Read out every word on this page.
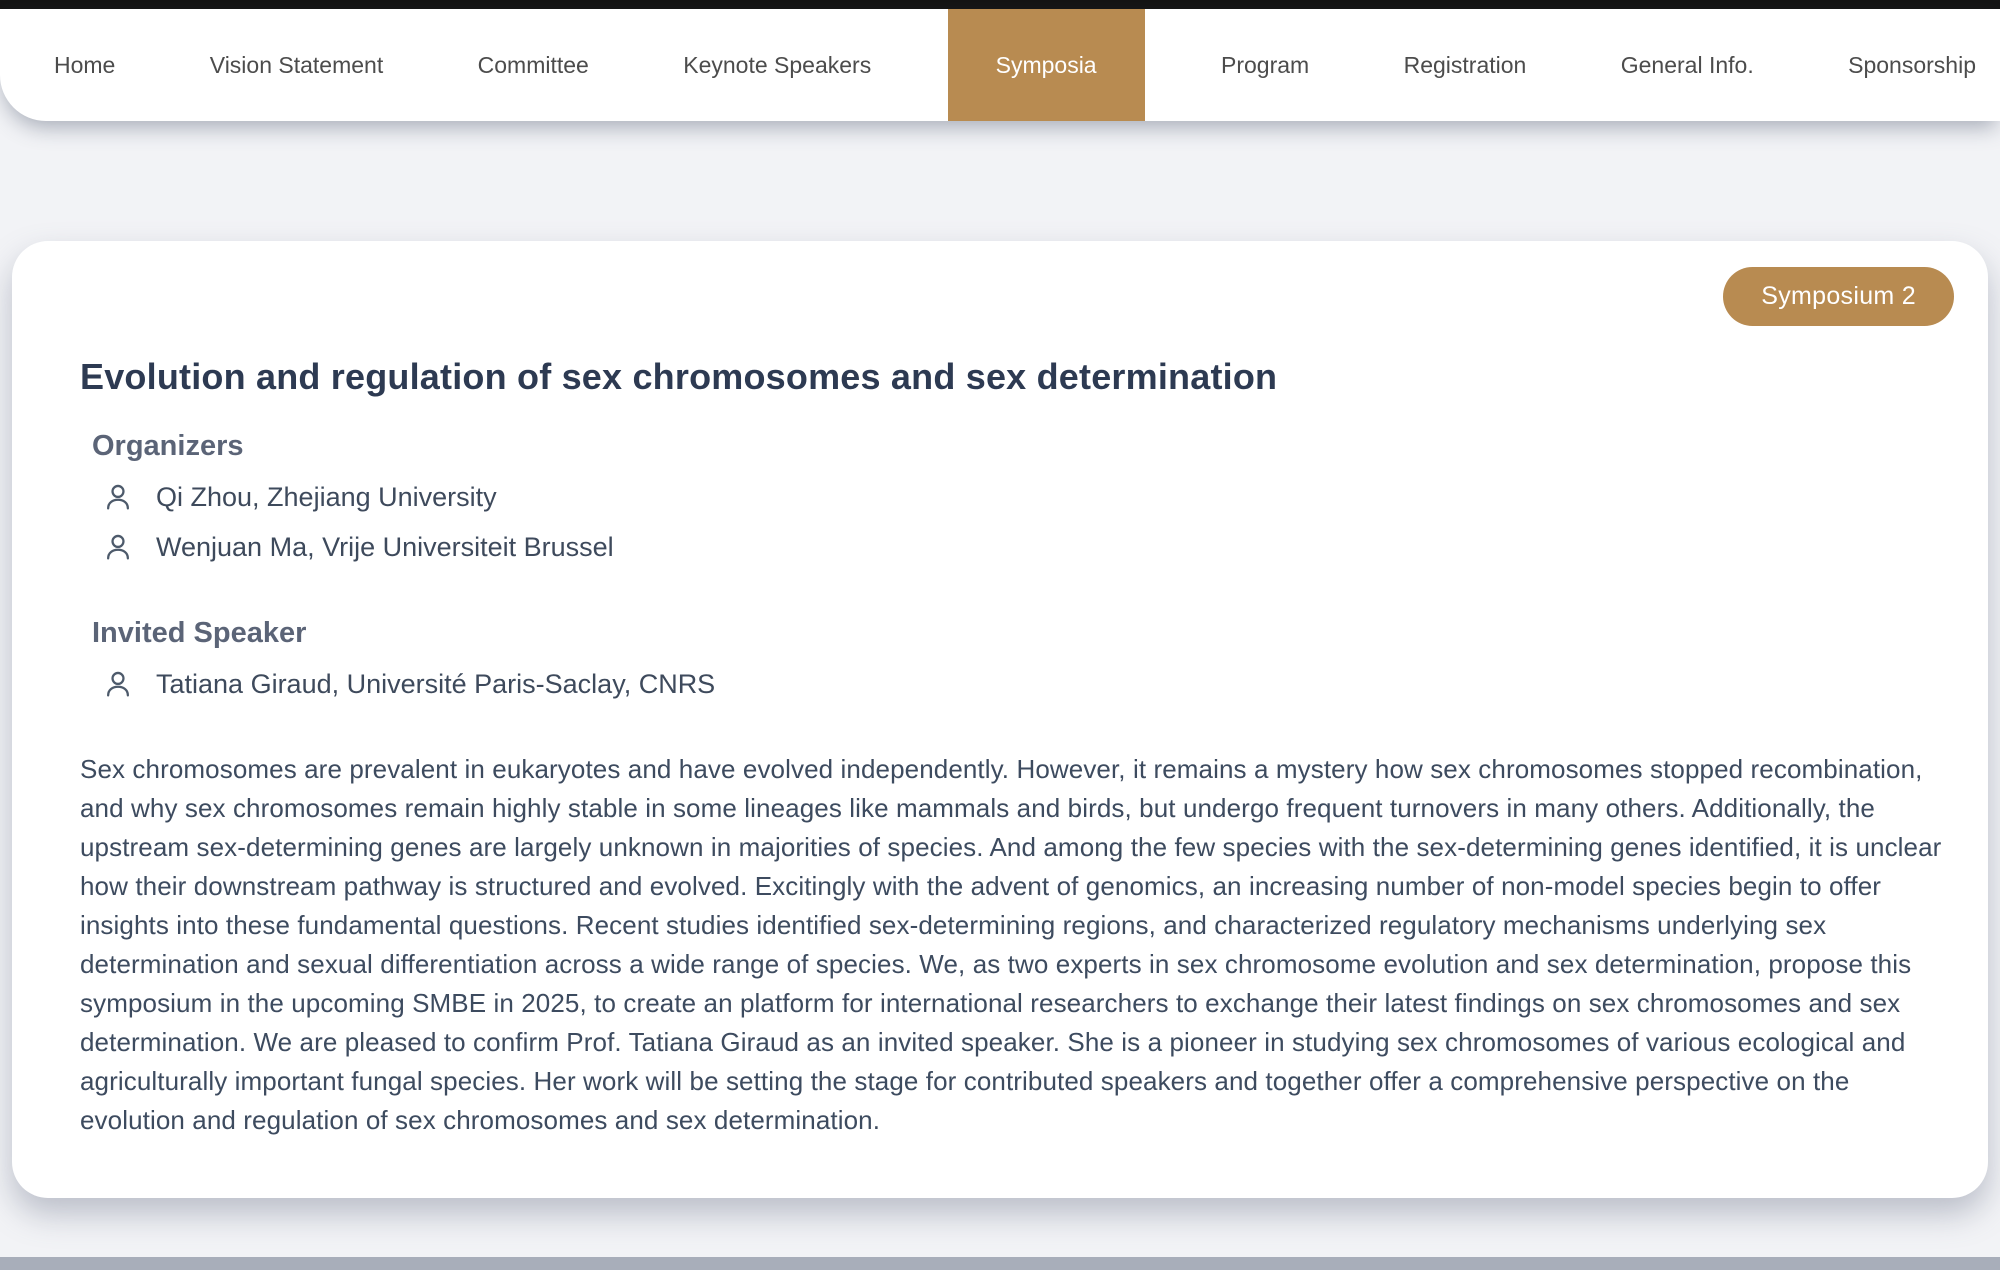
Home	Vision Statement	Committee	Keynote Speakers	Symposia	Program	Registration	General Info.	Sponsorship
Symposium 2
Evolution and regulation of sex chromosomes and sex determination
Organizers
Qi Zhou, Zhejiang University
Wenjuan Ma, Vrije Universiteit Brussel
Invited Speaker
Tatiana Giraud, Université Paris-Saclay, CNRS

Sex chromosomes are prevalent in eukaryotes and have evolved independently. However, it remains a mystery how sex chromosomes stopped recombination, and why sex chromosomes remain highly stable in some lineages like mammals and birds, but undergo frequent turnovers in many others. Additionally, the upstream sex-determining genes are largely unknown in majorities of species. And among the few species with the sex-determining genes identified, it is unclear how their downstream pathway is structured and evolved. Excitingly with the advent of genomics, an increasing number of non-model species begin to offer insights into these fundamental questions. Recent studies identified sex-determining regions, and characterized regulatory mechanisms underlying sex determination and sexual differentiation across a wide range of species. We, as two experts in sex chromosome evolution and sex determination, propose this symposium in the upcoming SMBE in 2025, to create an platform for international researchers to exchange their latest findings on sex chromosomes and sex determination. We are pleased to confirm Prof. Tatiana Giraud as an invited speaker. She is a pioneer in studying sex chromosomes of various ecological and agriculturally important fungal species. Her work will be setting the stage for contributed speakers and together offer a comprehensive perspective on the evolution and regulation of sex chromosomes and sex determination.
